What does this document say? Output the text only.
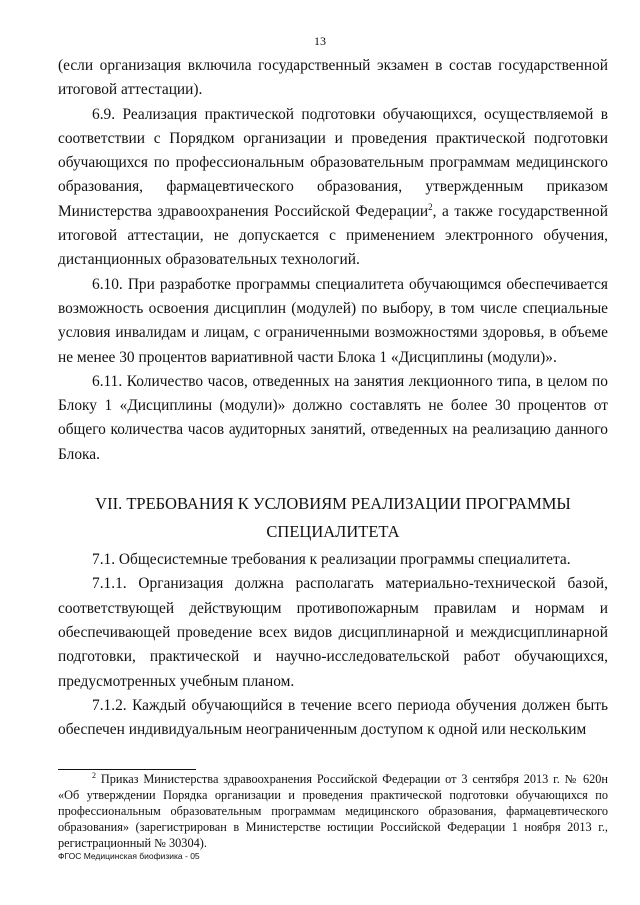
13

(если организация включила государственный экзамен в состав государственной итоговой аттестации).

6.9. Реализация практической подготовки обучающихся, осуществляемой в соответствии с Порядком организации и проведения практической подготовки обучающихся по профессиональным образовательным программам медицинского образования, фармацевтического образования, утвержденным приказом Министерства здравоохранения Российской Федерации$^2$, а также государственной итоговой аттестации, не допускается с применением электронного обучения, дистанционных образовательных технологий.

6.10. При разработке программы специалитета обучающимся обеспечивается возможность освоения дисциплин (модулей) по выбору, в том числе специальные условия инвалидам и лицам, с ограниченными возможностями здоровья, в объеме не менее 30 процентов вариативной части Блока 1 «Дисциплины (модули)».

6.11. Количество часов, отведенных на занятия лекционного типа, в целом по Блоку 1 «Дисциплины (модули)» должно составлять не более 30 процентов от общего количества часов аудиторных занятий, отведенных на реализацию данного Блока.

VII. ТРЕБОВАНИЯ К УСЛОВИЯМ РЕАЛИЗАЦИИ ПРОГРАММЫ
СПЕЦИАЛИТЕТА

7.1. Общесистемные требования к реализации программы специалитета.

7.1.1. Организация должна располагать материально-технической базой, соответствующей действующим противопожарным правилам и нормам и обеспечивающей проведение всех видов дисциплинарной и междисциплинарной подготовки, практической и научно-исследовательской работ обучающихся, предусмотренных учебным планом.

7.1.2. Каждый обучающийся в течение всего периода обучения должен быть обеспечен индивидуальным неограниченным доступом к одной или нескольким

$^2$ Приказ Министерства здравоохранения Российской Федерации от 3 сентября 2013 г. № 620н «Об утверждении Порядка организации и проведения практической подготовки обучающихся по профессиональным образовательным программам медицинского образования, фармацевтического образования» (зарегистрирован в Министерстве юстиции Российской Федерации 1 ноября 2013 г., регистрационный № 30304).

ФГОС Медицинская биофизика - 05
